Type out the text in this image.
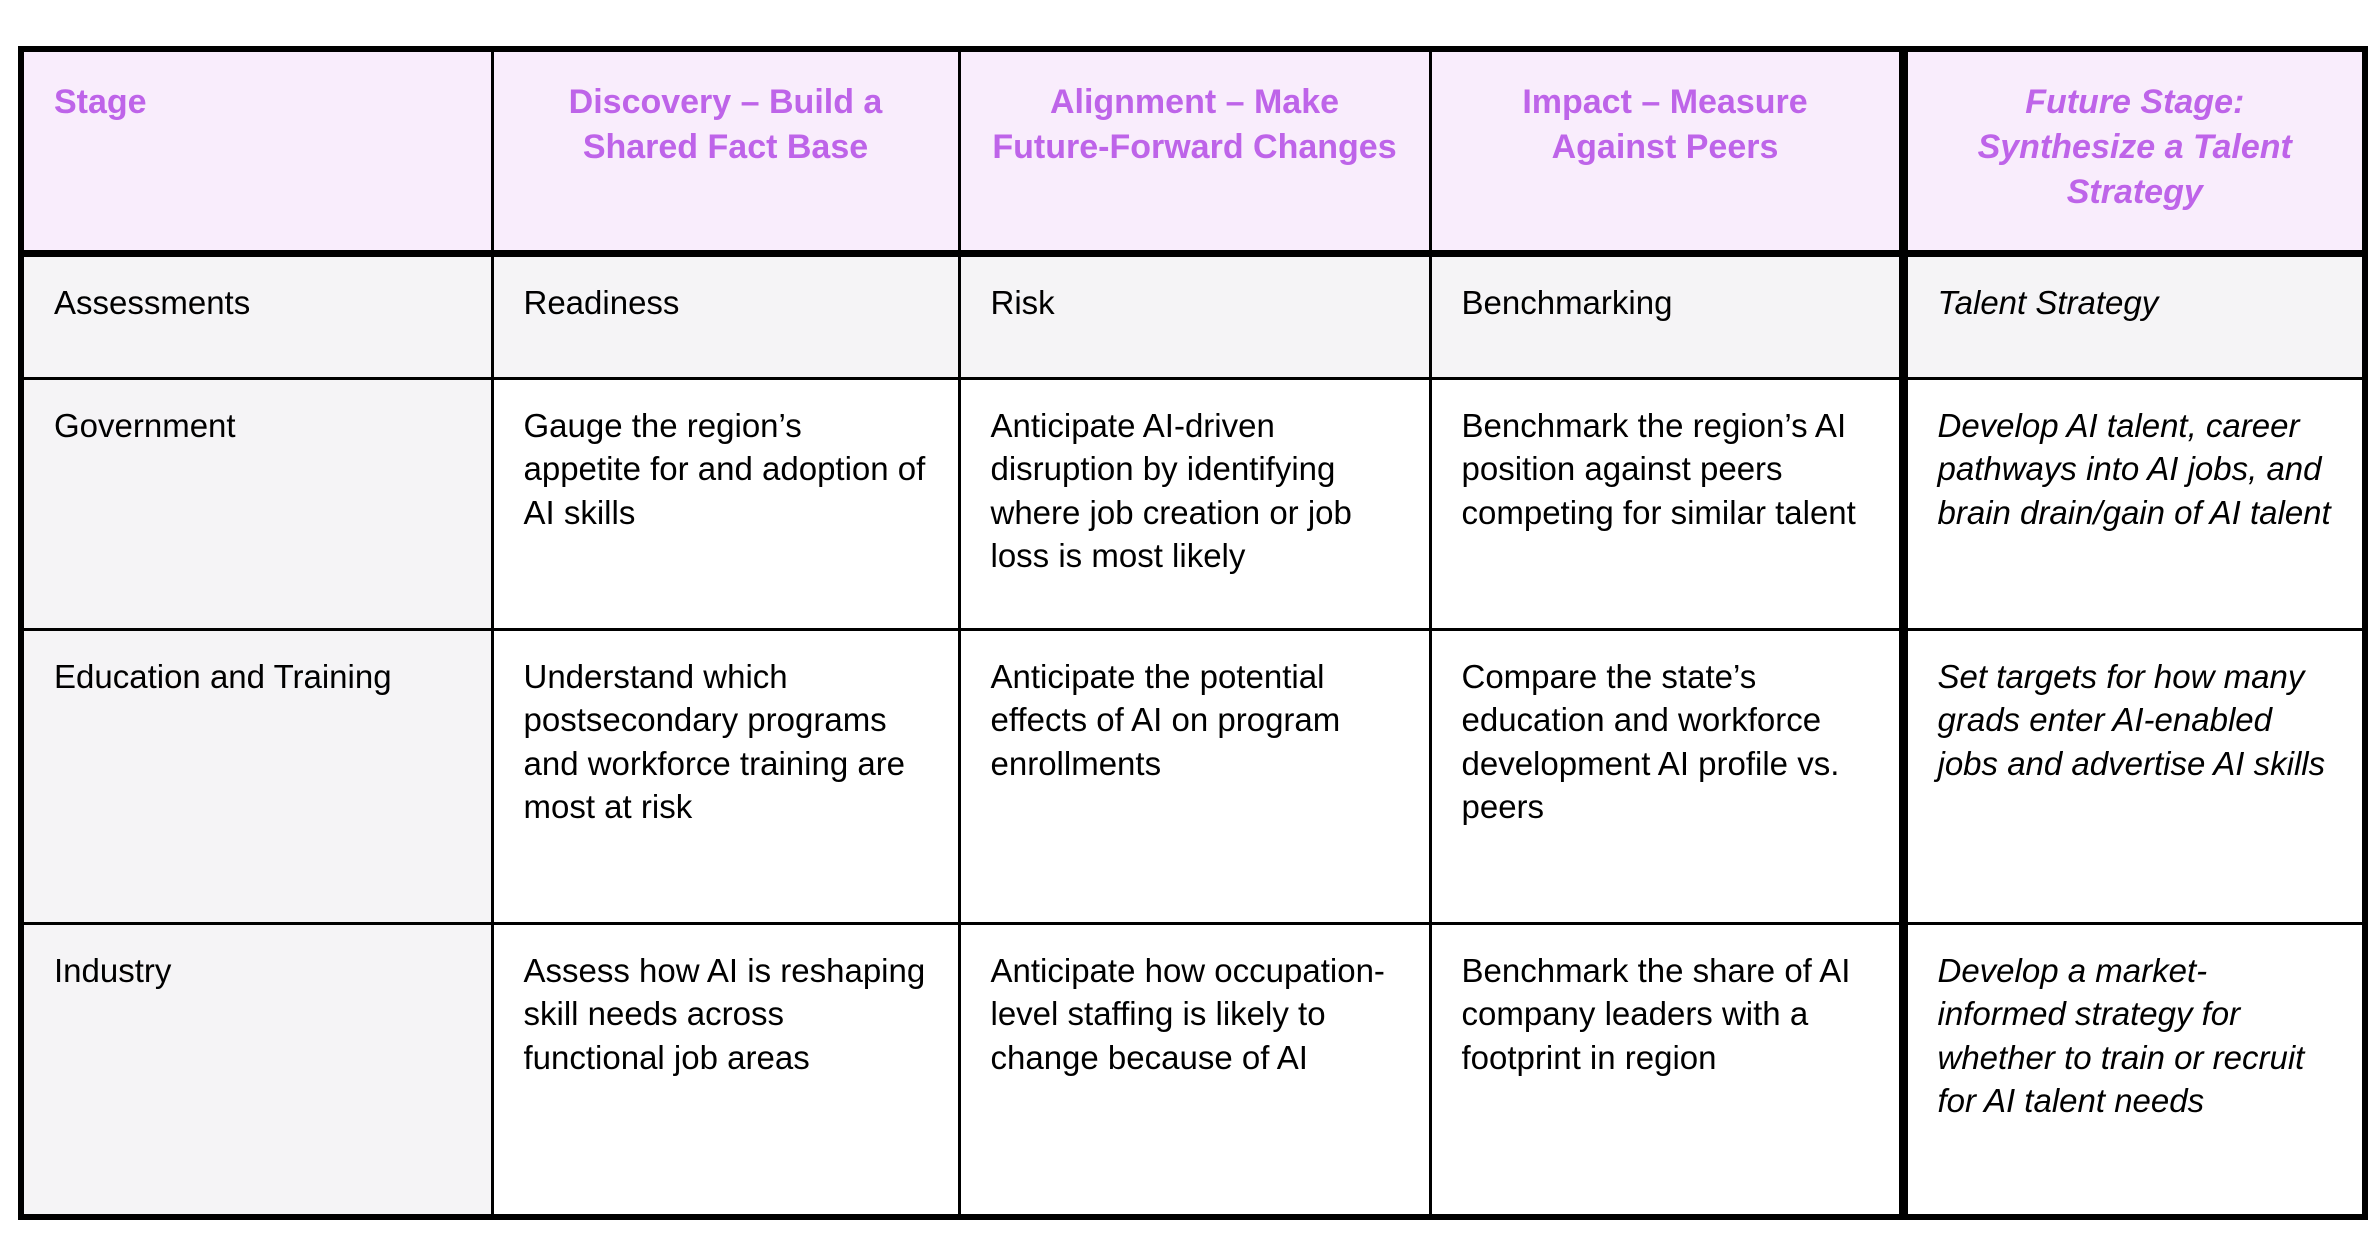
Stage	Discovery – Build a Shared Fact Base	Alignment – Make Future-Forward Changes	Impact – Measure Against Peers	Future Stage: Synthesize a Talent Strategy
Assessments	Readiness	Risk	Benchmarking	Talent Strategy
Government	Gauge the region’s appetite for and adoption of AI skills	Anticipate AI-driven disruption by identifying where job creation or job loss is most likely	Benchmark the region’s AI position against peers competing for similar talent	Develop AI talent, career pathways into AI jobs, and brain drain/gain of AI talent
Education and Training	Understand which postsecondary programs and workforce training are most at risk	Anticipate the potential effects of AI on program enrollments	Compare the state’s education and workforce development AI profile vs. peers	Set targets for how many grads enter AI-enabled jobs and advertise AI skills
Industry	Assess how AI is reshaping skill needs across functional job areas	Anticipate how occupation-level staffing is likely to change because of AI	Benchmark the share of AI company leaders with a footprint in region	Develop a market-informed strategy for whether to train or recruit for AI talent needs
